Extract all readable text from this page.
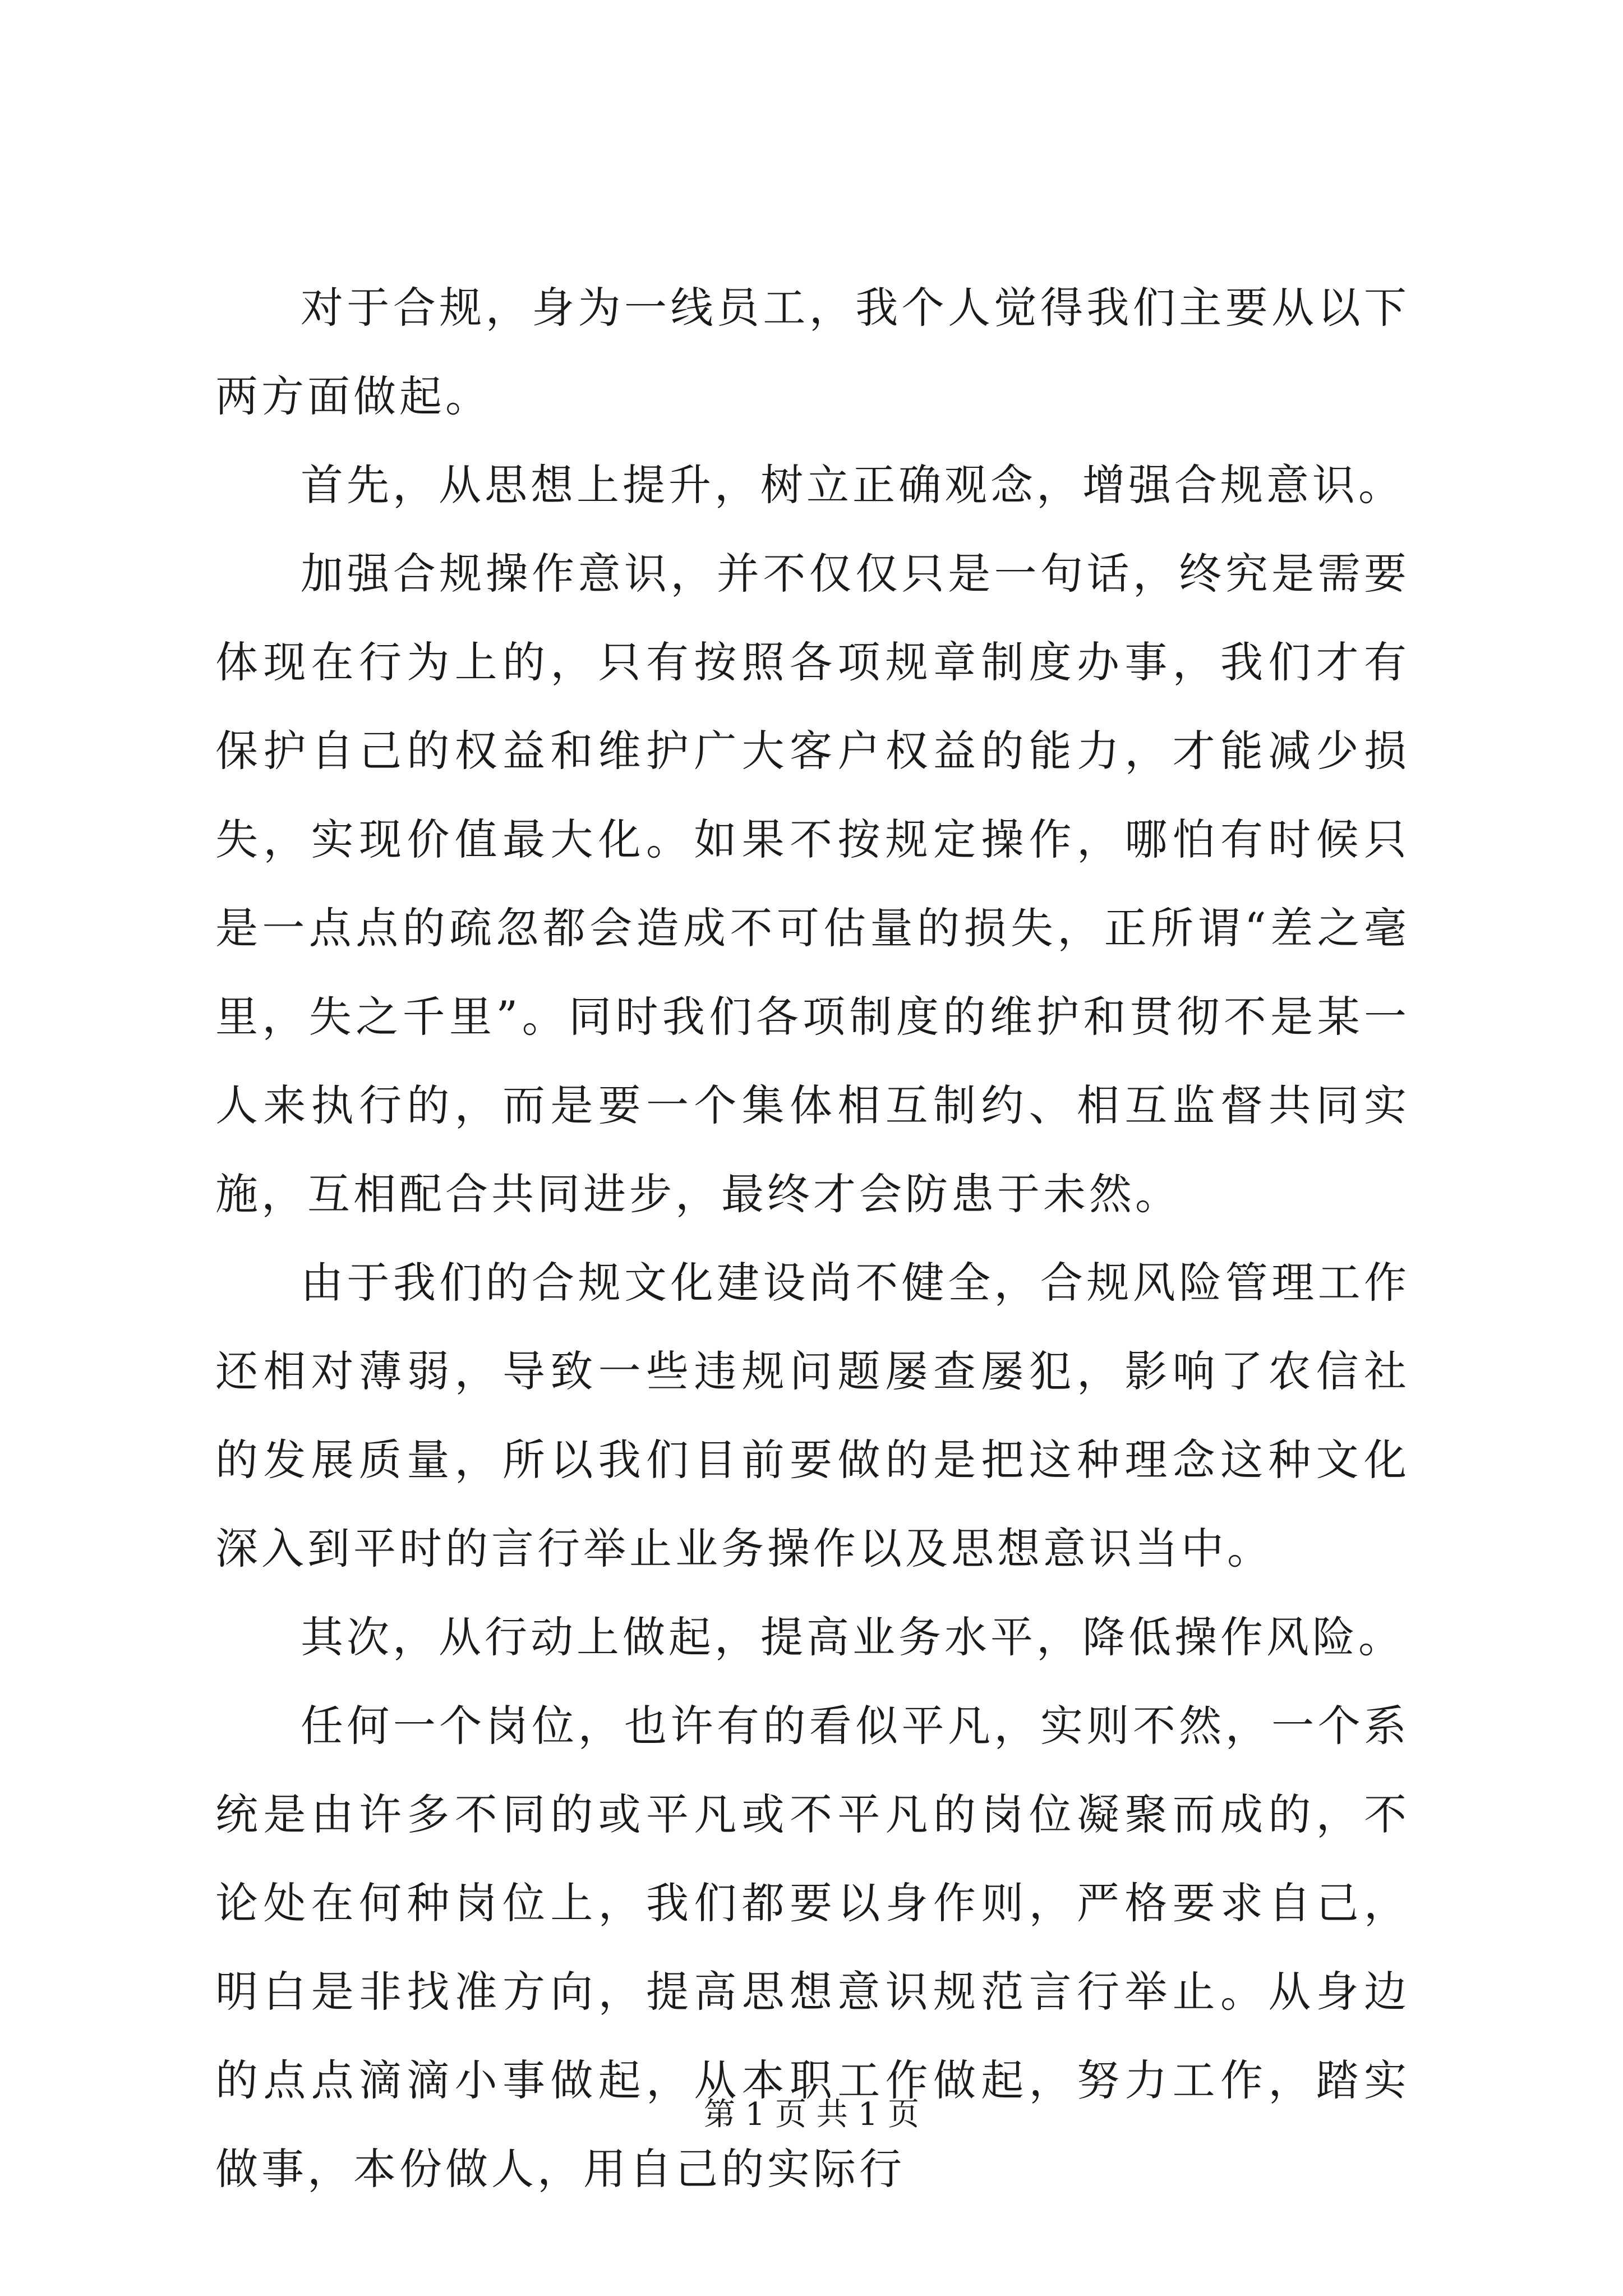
对于合规，身为一线员工，我个人觉得我们主要从以下两方面做起。

首先，从思想上提升，树立正确观念，增强合规意识。

加强合规操作意识，并不仅仅只是一句话，终究是需要体现在行为上的，只有按照各项规章制度办事，我们才有保护自己的权益和维护广大客户权益的能力，才能减少损失，实现价值最大化。如果不按规定操作，哪怕有时候只是一点点的疏忽都会造成不可估量的损失，正所谓“差之毫里，失之千里”。同时我们各项制度的维护和贯彻不是某一人来执行的，而是要一个集体相互制约、相互监督共同实施，互相配合共同进步，最终才会防患于未然。

由于我们的合规文化建设尚不健全，合规风险管理工作还相对薄弱，导致一些违规问题屡查屡犯，影响了农信社的发展质量，所以我们目前要做的是把这种理念这种文化深入到平时的言行举止业务操作以及思想意识当中。

其次，从行动上做起，提高业务水平，降低操作风险。

任何一个岗位，也许有的看似平凡，实则不然，一个系统是由许多不同的或平凡或不平凡的岗位凝聚而成的，不论处在何种岗位上，我们都要以身作则，严格要求自己，明白是非找准方向，提高思想意识规范言行举止。从身边的点点滴滴小事做起，从本职工作做起，努力工作，踏实做事，本份做人，用自己的实际行

第 1 页 共 1 页
